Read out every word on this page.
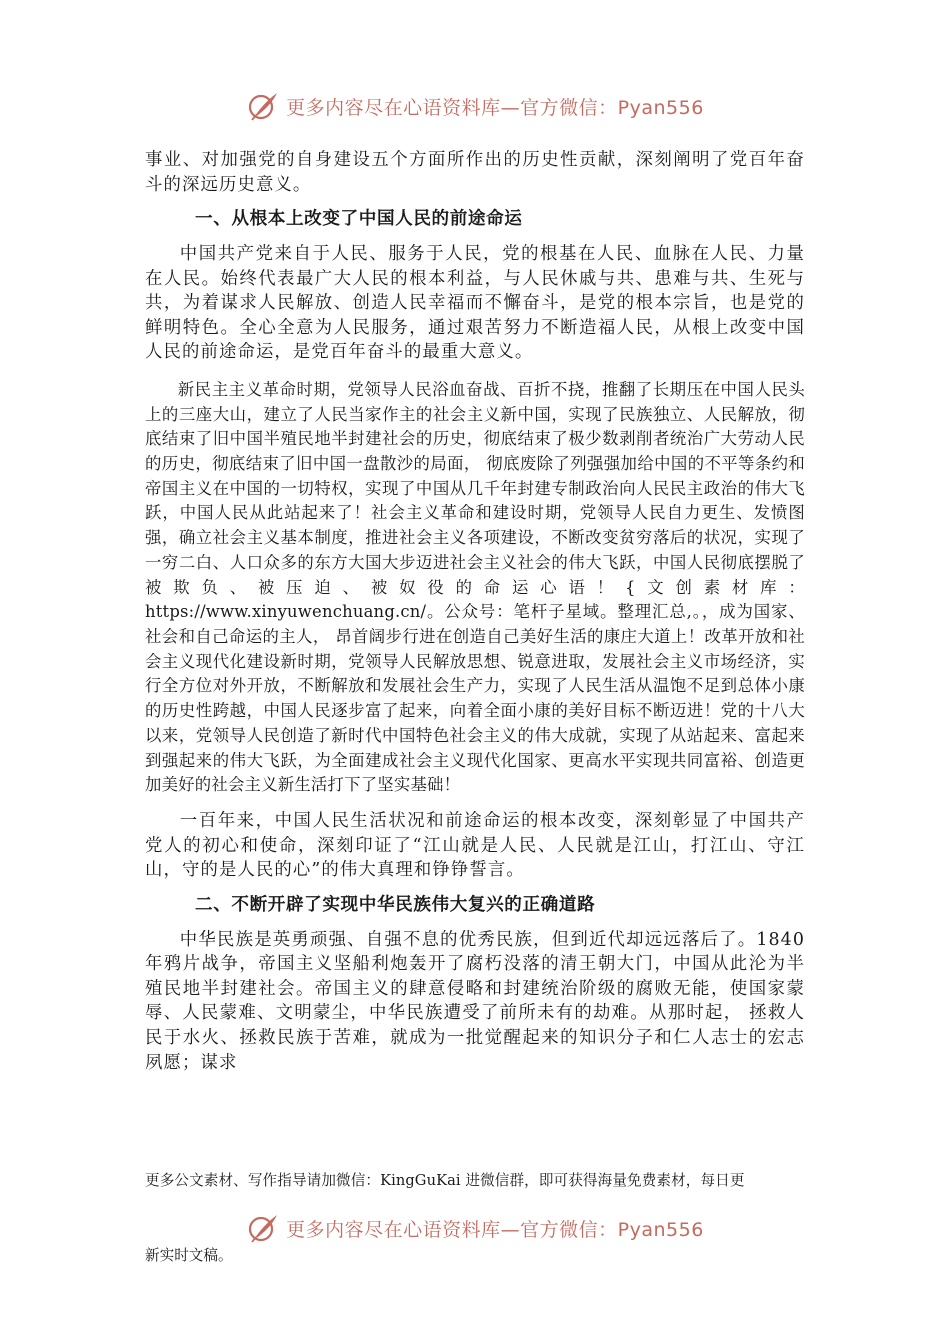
更多内容尽在心语资料库—官方微信：Pyan556

事业、对加强党的自身建设五个方面所作出的历史性贡献，深刻阐明了党百年奋斗的深远历史意义。

一、从根本上改变了中国人民的前途命运

中国共产党来自于人民、服务于人民，党的根基在人民、血脉在人民、力量在人民。始终代表最广大人民的根本利益，与人民休戚与共、患难与共、生死与共，为着谋求人民解放、创造人民幸福而不懈奋斗，是党的根本宗旨，也是党的鲜明特色。全心全意为人民服务，通过艰苦努力不断造福人民，从根上改变中国人民的前途命运，是党百年奋斗的最重大意义。

新民主主义革命时期，党领导人民浴血奋战、百折不挠，推翻了长期压在中国人民头上的三座大山，建立了人民当家作主的社会主义新中国，实现了民族独立、人民解放，彻底结束了旧中国半殖民地半封建社会的历史，彻底结束了极少数剥削者统治广大劳动人民的历史，彻底结束了旧中国一盘散沙的局面， 彻底废除了列强强加给中国的不平等条约和帝国主义在中国的一切特权，实现了中国从几千年封建专制政治向人民民主政治的伟大飞跃，中国人民从此站起来了！社会主义革命和建设时期，党领导人民自力更生、发愤图强，确立社会主义基本制度，推进社会主义各项建设，不断改变贫穷落后的状况，实现了一穷二白、人口众多的东方大国大步迈进社会主义社会的伟大飞跃，中国人民彻底摆脱了被欺负、被压迫、被奴役的命运心语！{文创素材库：https://www.xinyuwenchuang.cn/。公众号：笔杆子星域。整理汇总,。，成为国家、社会和自己命运的主人， 昂首阔步行进在创造自己美好生活的康庄大道上！改革开放和社会主义现代化建设新时期，党领导人民解放思想、锐意进取，发展社会主义市场经济，实行全方位对外开放，不断解放和发展社会生产力，实现了人民生活从温饱不足到总体小康的历史性跨越，中国人民逐步富了起来，向着全面小康的美好目标不断迈进！党的十八大以来，党领导人民创造了新时代中国特色社会主义的伟大成就，实现了从站起来、富起来到强起来的伟大飞跃，为全面建成社会主义现代化国家、更高水平实现共同富裕、创造更加美好的社会主义新生活打下了坚实基础！

一百年来，中国人民生活状况和前途命运的根本改变，深刻彰显了中国共产党人的初心和使命，深刻印证了“江山就是人民、人民就是江山，打江山、守江山，守的是人民的心”的伟大真理和铮铮誓言。

二、不断开辟了实现中华民族伟大复兴的正确道路

中华民族是英勇顽强、自强不息的优秀民族，但到近代却远远落后了。1840 年鸦片战争，帝国主义坚船利炮轰开了腐朽没落的清王朝大门，中国从此沦为半殖民地半封建社会。帝国主义的肆意侵略和封建统治阶级的腐败无能，使国家蒙辱、人民蒙难、文明蒙尘，中华民族遭受了前所未有的劫难。从那时起， 拯救人民于水火、拯救民族于苦难，就成为一批觉醒起来的知识分子和仁人志士的宏志夙愿；谋求

更多公文素材、写作指导请加微信：KingGuKai 进微信群，即可获得海量免费素材，每日更
更多内容尽在心语资料库—官方微信：Pyan556
新实时文稿。
